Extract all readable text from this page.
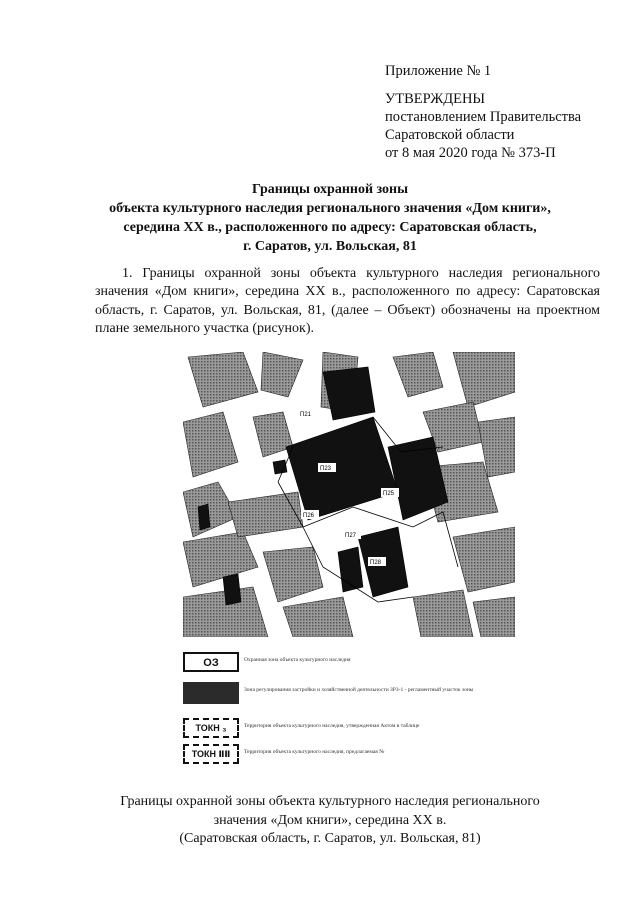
Приложение № 1
УТВЕРЖДЕНЫ
постановлением Правительства
Саратовской области
от 8 мая 2020 года № 373-П
Границы охранной зоны
объекта культурного наследия регионального значения «Дом книги»,
середина XX в., расположенного по адресу: Саратовская область,
г. Саратов, ул. Вольская, 81

1. Границы охранной зоны объекта культурного наследия регионального значения «Дом книги», середина XX в., расположенного по адресу: Саратовская область, г. Саратов, ул. Вольская, 81, (далее – Объект) обозначены на проектном плане земельного участка (рисунок).

П21
П23
П25
П26
П27
П28
ОЗ	Охранная зона объекта культурного наследия
Зона регулирования застройки и хозяйственной деятельности ЗРЗ-1 - регламентный участок зоны
ТОКН ₃	Территория объекта культурного наследия, утвержденная Актом в таблице
ТОКН ⅡⅡ	Территория объекта культурного наследия, предлагаемая №
Границы охранной зоны объекта культурного наследия регионального
значения «Дом книги», середина XX в.
(Саратовская область, г. Саратов, ул. Вольская, 81)
